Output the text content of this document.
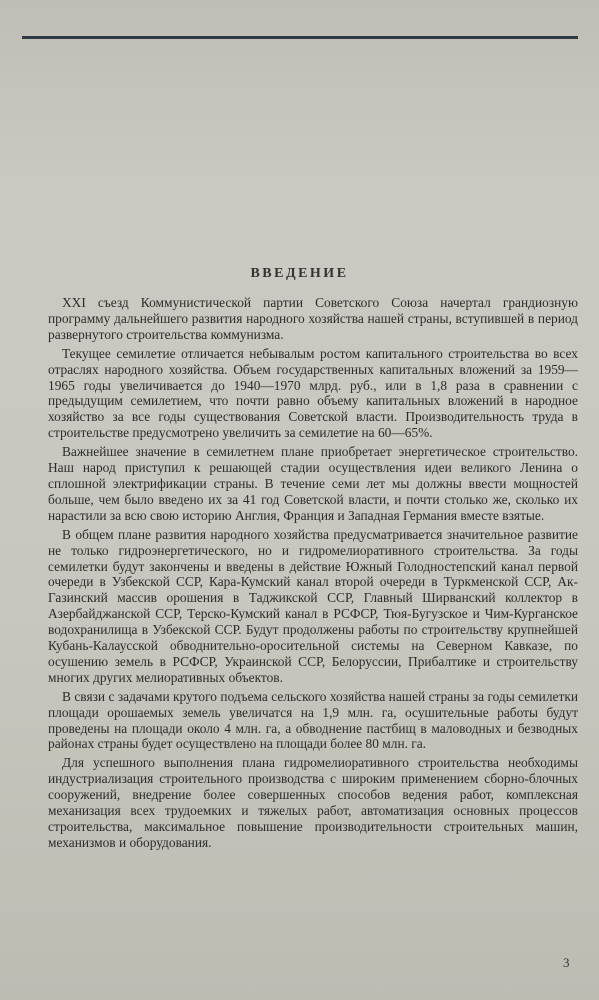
ВВЕДЕНИЕ

XXI съезд Коммунистической партии Советского Союза начертал грандиозную программу дальнейшего развития народного хозяйства нашей страны, вступившей в период развернутого строительства коммунизма.

Текущее семилетие отличается небывалым ростом капитального строительства во всех отраслях народного хозяйства. Объем государственных капитальных вложений за 1959—1965 годы увеличивается до 1940—1970 млрд. руб., или в 1,8 раза в сравнении с предыдущим семилетием, что почти равно объему капитальных вложений в народное хозяйство за все годы существования Советской власти. Производительность труда в строительстве предусмотрено увеличить за семилетие на 60—65%.

Важнейшее значение в семилетнем плане приобретает энергетическое строительство. Наш народ приступил к решающей стадии осуществления идеи великого Ленина о сплошной электрификации страны. В течение семи лет мы должны ввести мощностей больше, чем было введено их за 41 год Советской власти, и почти столько же, сколько их нарастили за всю свою историю Англия, Франция и Западная Германия вместе взятые.

В общем плане развития народного хозяйства предусматривается значительное развитие не только гидроэнергетического, но и гидромелиоративного строительства. За годы семилетки будут закончены и введены в действие Южный Голодностепский канал первой очереди в Узбекской ССР, Кара-Кумский канал второй очереди в Туркменской ССР, Ак-Газинский массив орошения в Таджикской ССР, Главный Ширванский коллектор в Азербайджанской ССР, Терско-Кумский канал в РСФСР, Тюя-Бугузское и Чим-Курганское водохранилища в Узбекской ССР. Будут продолжены работы по строительству крупнейшей Кубань-Калаусской обводнительно-оросительной системы на Северном Кавказе, по осушению земель в РСФСР, Украинской ССР, Белоруссии, Прибалтике и строительству многих других мелиоративных объектов.

В связи с задачами крутого подъема сельского хозяйства нашей страны за годы семилетки площади орошаемых земель увеличатся на 1,9 млн. га, осушительные работы будут проведены на площади около 4 млн. га, а обводнение пастбищ в маловодных и безводных районах страны будет осуществлено на площади более 80 млн. га.

Для успешного выполнения плана гидромелиоративного строительства необходимы индустриализация строительного производства с широким применением сборно-блочных сооружений, внедрение более совершенных способов ведения работ, комплексная механизация всех трудоемких и тяжелых работ, автоматизация основных процессов строительства, максимальное повышение производительности строительных машин, механизмов и оборудования.

3
